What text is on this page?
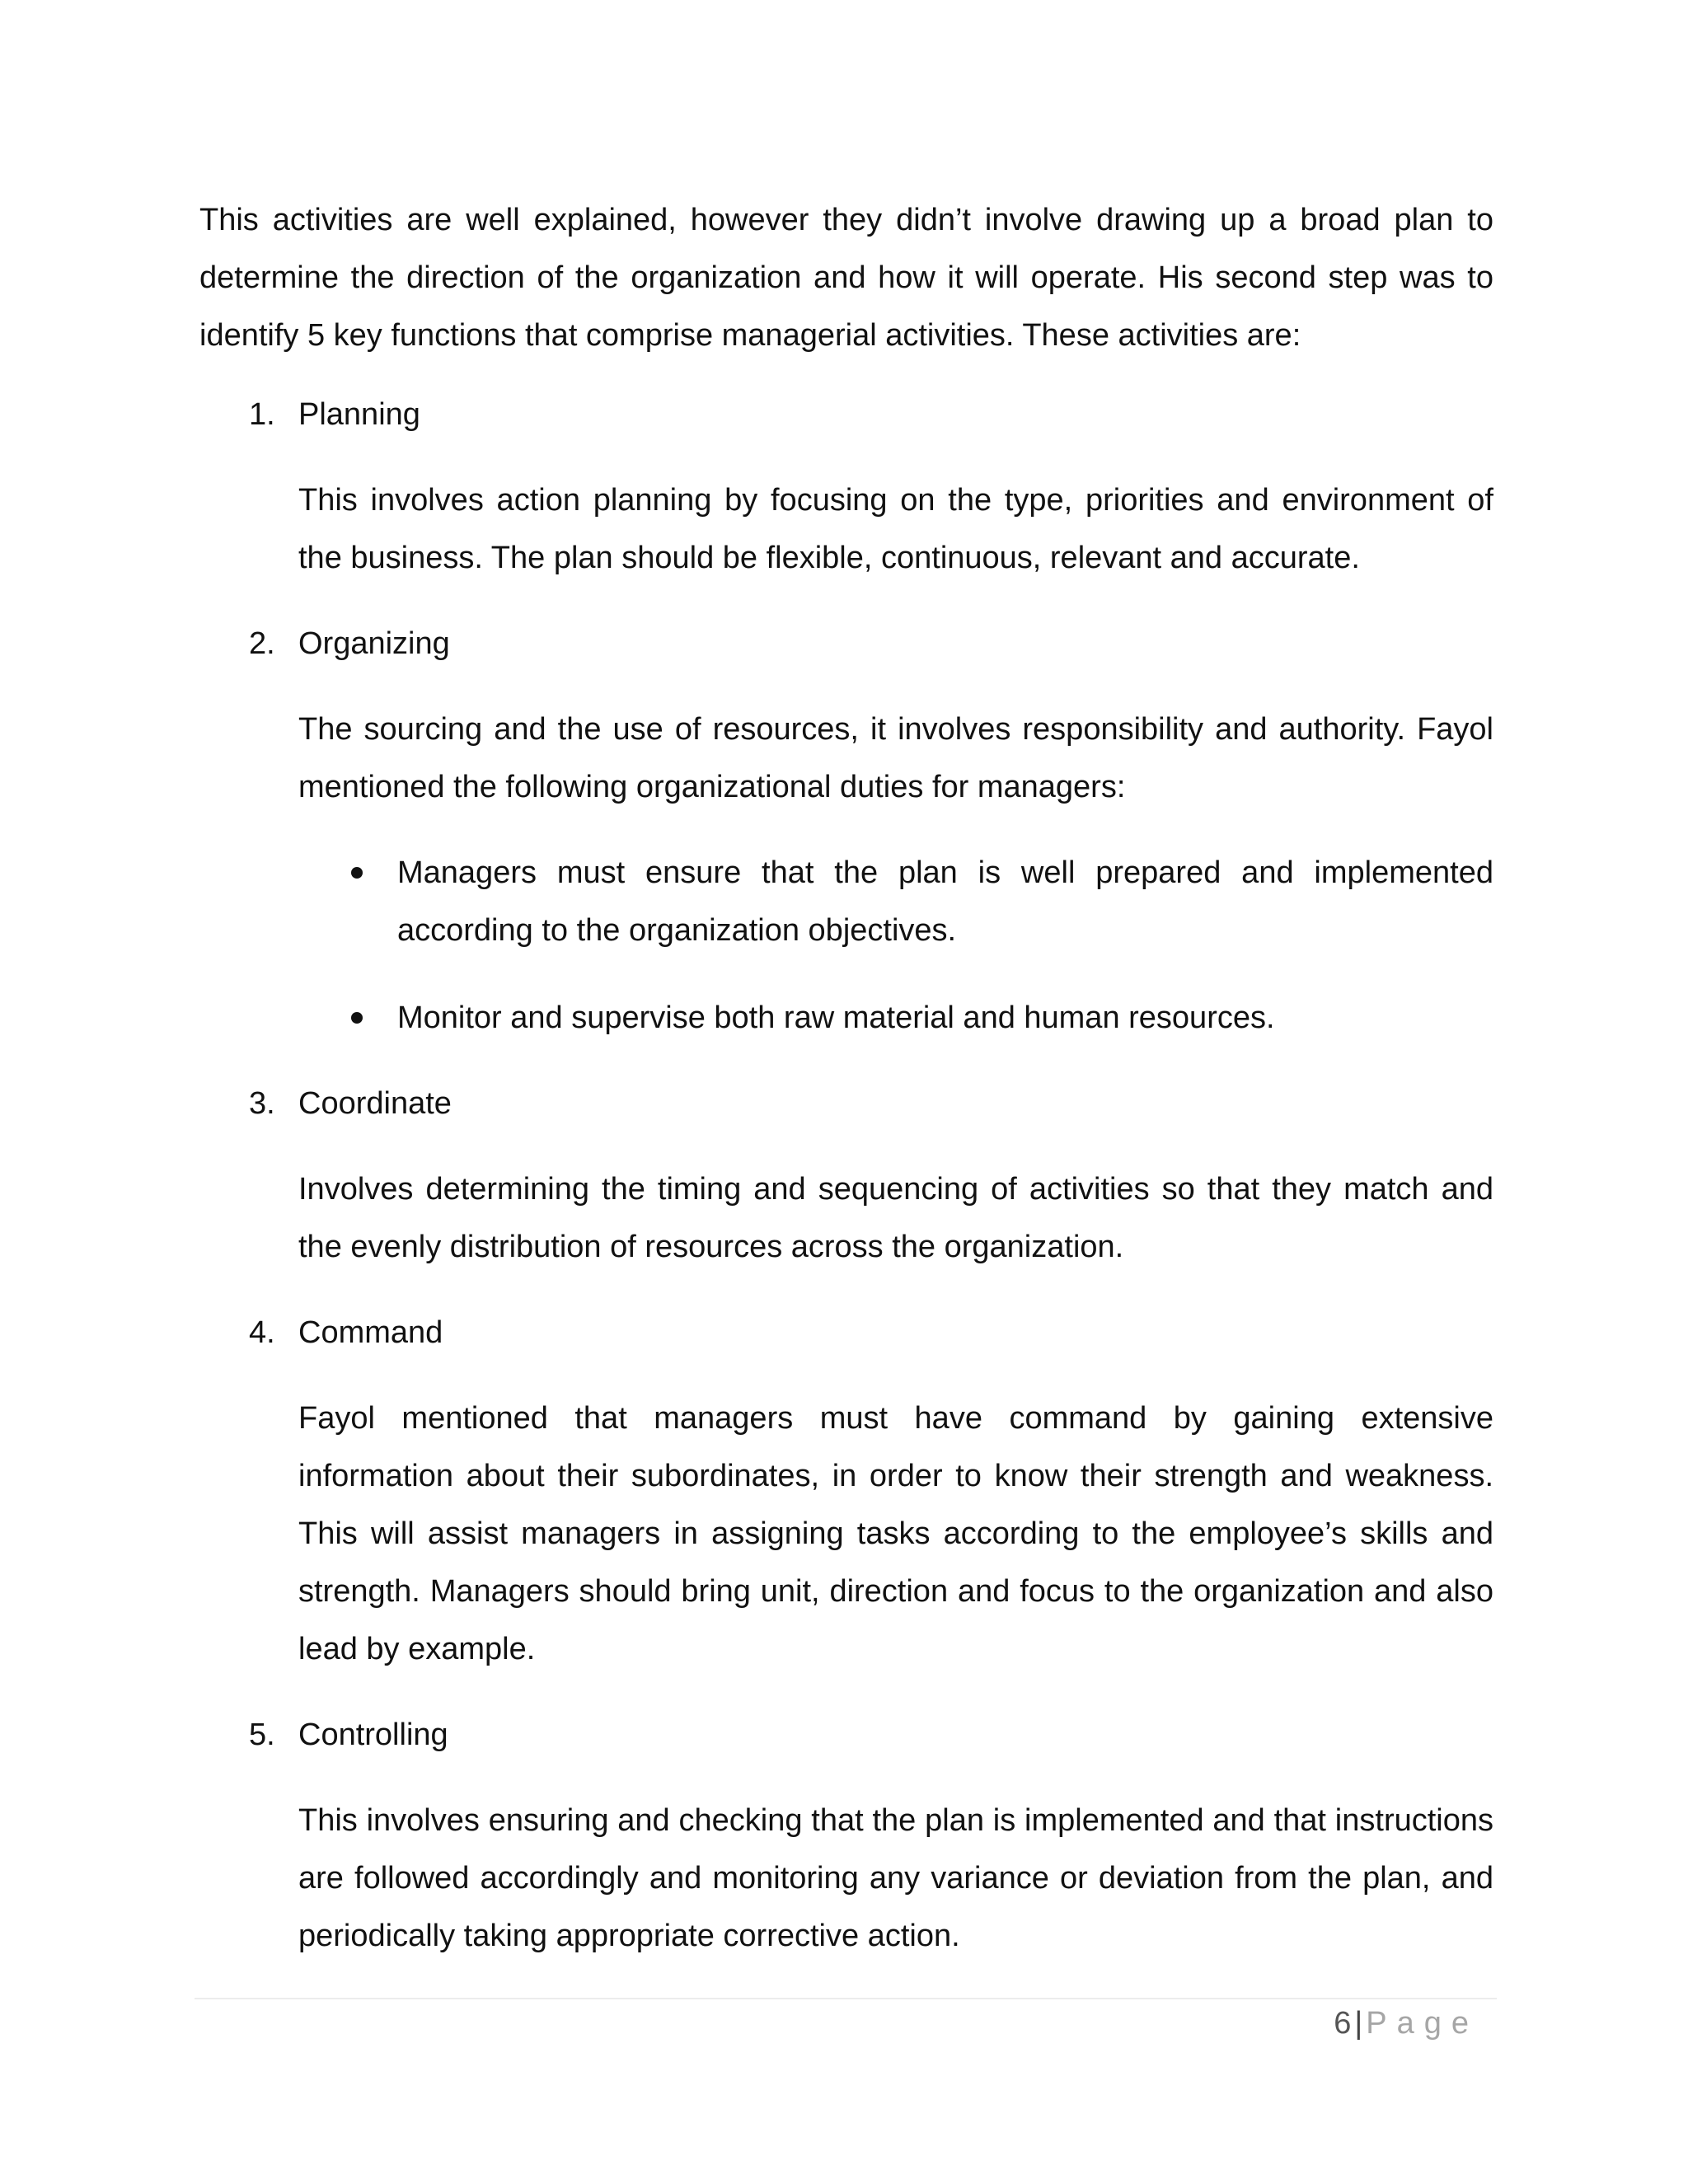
This activities are well explained, however they didn’t involve drawing up a broad plan to determine the direction of the organization and how it will operate. His second step was to identify 5 key functions that comprise managerial activities. These activities are:

1. Planning

This involves action planning by focusing on the type, priorities and environment of the business. The plan should be flexible, continuous, relevant and accurate.

2. Organizing

The sourcing and the use of resources, it involves responsibility and authority. Fayol mentioned the following organizational duties for managers:

Managers must ensure that the plan is well prepared and implemented according to the organization objectives.
Monitor and supervise both raw material and human resources.

3. Coordinate

Involves determining the timing and sequencing of activities so that they match and the evenly distribution of resources across the organization.

4. Command

Fayol mentioned that managers must have command by gaining extensive information about their subordinates, in order to know their strength and weakness. This will assist managers in assigning tasks according to the employee’s skills and strength. Managers should bring unit, direction and focus to the organization and also lead by example.

5. Controlling

This involves ensuring and checking that the plan is implemented and that instructions are followed accordingly and monitoring any variance or deviation from the plan, and periodically taking appropriate corrective action.

6 | Page
